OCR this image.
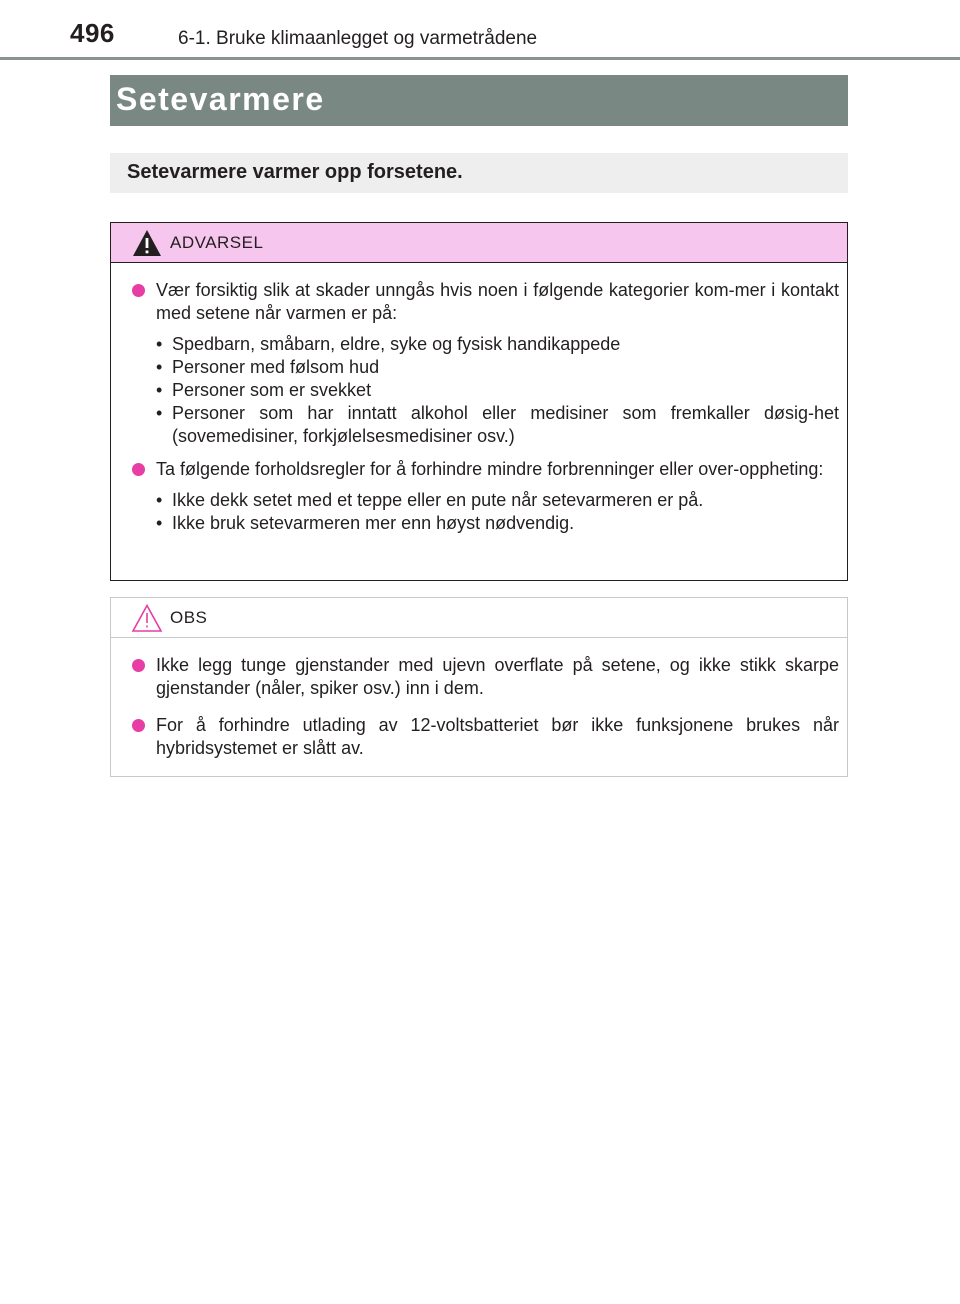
496	6-1. Bruke klimaanlegget og varmetrådene
Setevarmere
Setevarmere varmer opp forsetene.
ADVARSEL
Vær forsiktig slik at skader unngås hvis noen i følgende kategorier kom-mer i kontakt med setene når varmen er på:
• Spedbarn, småbarn, eldre, syke og fysisk handikappede
• Personer med følsom hud
• Personer som er svekket
• Personer som har inntatt alkohol eller medisiner som fremkaller døsig-het (sovemedisiner, forkjølelsesmedisiner osv.)
Ta følgende forholdsregler for å forhindre mindre forbrenninger eller over-oppheting:
• Ikke dekk setet med et teppe eller en pute når setevarmeren er på.
• Ikke bruk setevarmeren mer enn høyst nødvendig.
OBS
Ikke legg tunge gjenstander med ujevn overflate på setene, og ikke stikk skarpe gjenstander (nåler, spiker osv.) inn i dem.
For å forhindre utlading av 12-voltsbatteriet bør ikke funksjonene brukes når hybridsystemet er slått av.
